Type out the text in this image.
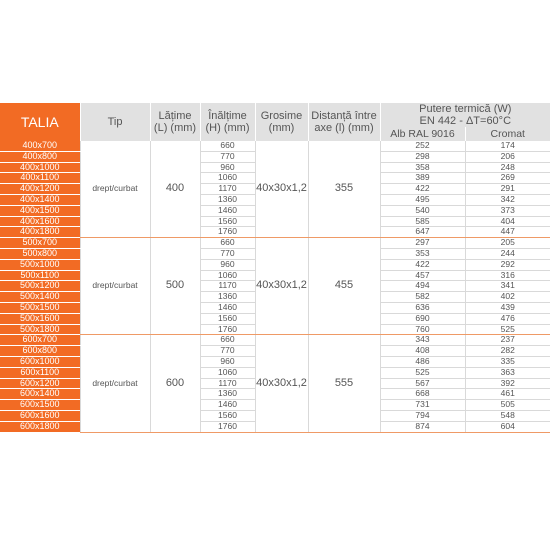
TALIA	Tip	Lățime (L) (mm)	Înălțime (H) (mm)	Grosime (mm)	Distanță între axe (l) (mm)	Putere termică (W)
EN 442 - ΔT=60°C	

						Alb RAL 9016	Cromat
400x700	drept/curbat	400	660	40x30x1,2	355	252	174
400x800			770			298	206
400x1000			960			358	248
400x1100			1060			389	269
400x1200			1170			422	291
400x1400			1360			495	342
400x1500			1460			540	373
400x1600			1560			585	404
400x1800			1760			647	447
500x700	drept/curbat	500	660	40x30x1,2	455	297	205
500x800			770			353	244
500x1000			960			422	292
500x1100			1060			457	316
500x1200			1170			494	341
500x1400			1360			582	402
500x1500			1460			636	439
500x1600			1560			690	476
500x1800			1760			760	525
600x700	drept/curbat	600	660	40x30x1,2	555	343	237
600x800			770			408	282
600x1000			960			486	335
600x1100			1060			525	363
600x1200			1170			567	392
600x1400			1360			668	461
600x1500			1460			731	505
600x1600			1560			794	548
600x1800			1760			874	604
